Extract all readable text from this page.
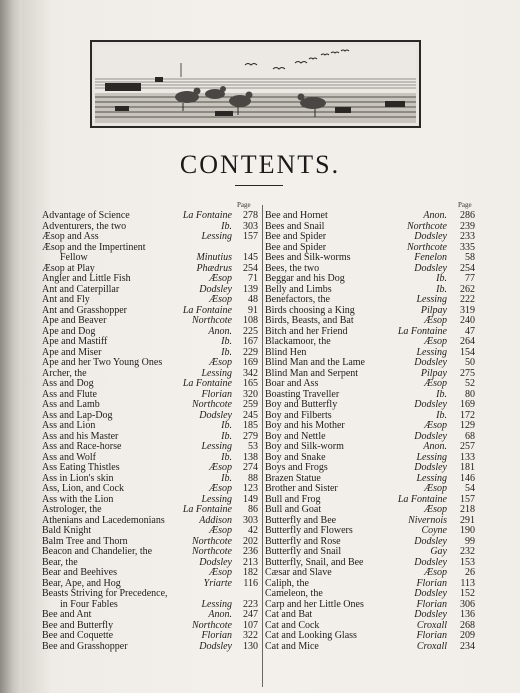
CONTENTS.
Page	Page
Advantage of Science	La Fontaine 278
Adventurers, the two	Ib. 303
Æsop and Ass	Lessing 157
Æsop and the Impertinent
Fellow	Minutius 145
Æsop at Play	Phædrus 254
Angler and Little Fish	Æsop 71
Ant and Caterpillar	Dodsley 139
Ant and Fly	Æsop 48
Ant and Grasshopper	La Fontaine 91
Ape and Beaver	Northcote 108
Ape and Dog	Anon. 225
Ape and Mastiff	Ib. 167
Ape and Miser	Ib. 229
Ape and her Two Young Ones	Æsop 169
Archer, the	Lessing 342
Ass and Dog	La Fontaine 165
Ass and Flute	Florian 320
Ass and Lamb	Northcote 259
Ass and Lap-Dog	Dodsley 245
Ass and Lion	Ib. 185
Ass and his Master	Ib. 279
Ass and Race-horse	Lessing 53
Ass and Wolf	Ib. 138
Ass Eating Thistles	Æsop 274
Ass in Lion's skin	Ib. 88
Ass, Lion, and Cock	Æsop 123
Ass with the Lion	Lessing 149
Astrologer, the	La Fontaine 86
Athenians and Lacedemonians	Addison 303
Bald Knight	Æsop 42
Balm Tree and Thorn	Northcote 202
Beacon and Chandelier, the	Northcote 236
Bear, the	Dodsley 213
Bear and Beehives	Æsop 182
Bear, Ape, and Hog	Yriarte 116
Beasts Striving for Precedence,
in Four Fables	Lessing 223
Bee and Ant	Anon. 247
Bee and Butterfly	Northcote 107
Bee and Coquette	Florian 322
Bee and Grasshopper	Dodsley 130
Bee and Hornet	Anon. 286
Bees and Snail	Northcote 239
Bee and Spider	Dodsley 233
Bee and Spider	Northcote 335
Bees and Silk-worms	Fenelon 58
Bees, the two	Dodsley 254
Beggar and his Dog	Ib. 77
Belly and Limbs	Ib. 262
Benefactors, the	Lessing 222
Birds choosing a King	Pilpay 319
Birds, Beasts, and Bat	Æsop 240
Bitch and her Friend	La Fontaine 47
Blackamoor, the	Æsop 264
Blind Hen	Lessing 154
Blind Man and the Lame	Dodsley 50
Blind Man and Serpent	Pilpay 275
Boar and Ass	Æsop 52
Boasting Traveller	Ib. 80
Boy and Butterfly	Dodsley 169
Boy and Filberts	Ib. 172
Boy and his Mother	Æsop 129
Boy and Nettle	Dodsley 68
Boy and Silk-worm	Anon. 257
Boy and Snake	Lessing 133
Boys and Frogs	Dodsley 181
Brazen Statue	Lessing 146
Brother and Sister	Æsop 54
Bull and Frog	La Fontaine 157
Bull and Goat	Æsop 218
Butterfly and Bee	Nivernois 291
Butterfly and Flowers	Coyne 190
Butterfly and Rose	Dodsley 99
Butterfly and Snail	Gay 232
Butterfly, Snail, and Bee	Dodsley 153
Cæsar and Slave	Æsop 26
Caliph, the	Florian 113
Cameleon, the	Dodsley 152
Carp and her Little Ones	Florian 306
Cat and Bat	Dodsley 136
Cat and Cock	Croxall 268
Cat and Looking Glass	Florian 209
Cat and Mice	Croxall 234
